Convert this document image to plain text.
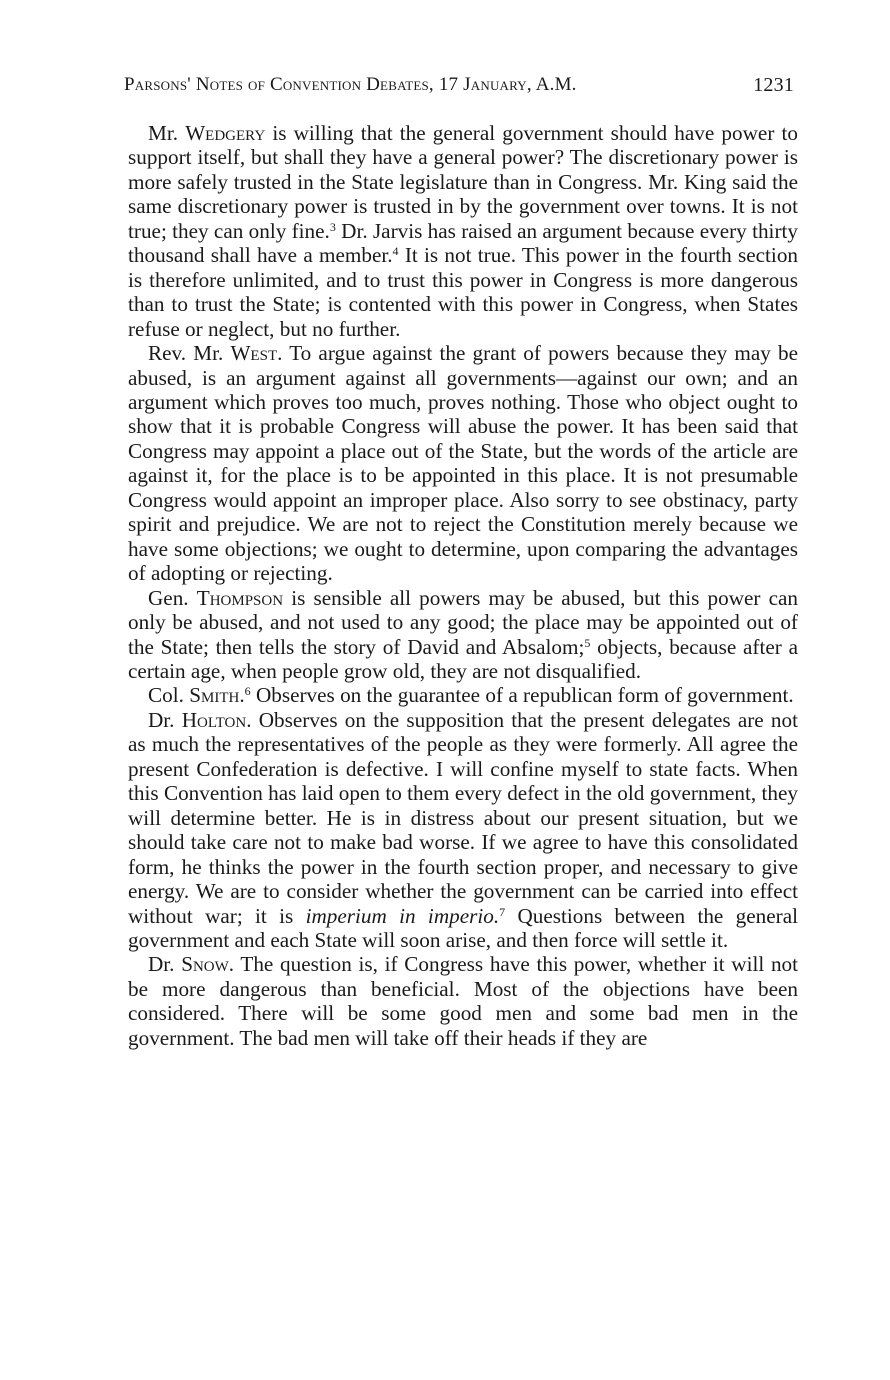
Parsons' Notes of Convention Debates, 17 January, A.M.	1231

Mr. Wedgery is willing that the general government should have power to support itself, but shall they have a general power? The discretionary power is more safely trusted in the State legislature than in Congress. Mr. King said the same discretionary power is trusted in by the government over towns. It is not true; they can only fine.$^3$ Dr. Jarvis has raised an argument because every thirty thousand shall have a member.$^4$ It is not true. This power in the fourth section is therefore unlimited, and to trust this power in Congress is more dangerous than to trust the State; is contented with this power in Congress, when States refuse or neglect, but no further.

Rev. Mr. West. To argue against the grant of powers because they may be abused, is an argument against all governments—against our own; and an argument which proves too much, proves nothing. Those who object ought to show that it is probable Congress will abuse the power. It has been said that Congress may appoint a place out of the State, but the words of the article are against it, for the place is to be appointed in this place. It is not presumable Congress would appoint an improper place. Also sorry to see obstinacy, party spirit and prejudice. We are not to reject the Constitution merely because we have some objections; we ought to determine, upon comparing the advantages of adopting or rejecting.

Gen. Thompson is sensible all powers may be abused, but this power can only be abused, and not used to any good; the place may be appointed out of the State; then tells the story of David and Absalom;$^5$ objects, because after a certain age, when people grow old, they are not disqualified.

Col. Smith.$^6$ Observes on the guarantee of a republican form of government.

Dr. Holton. Observes on the supposition that the present delegates are not as much the representatives of the people as they were formerly. All agree the present Confederation is defective. I will confine myself to state facts. When this Convention has laid open to them every defect in the old government, they will determine better. He is in distress about our present situation, but we should take care not to make bad worse. If we agree to have this consolidated form, he thinks the power in the fourth section proper, and necessary to give energy. We are to consider whether the government can be carried into effect without war; it is imperium in imperio.$^7$ Questions between the general government and each State will soon arise, and then force will settle it.

Dr. Snow. The question is, if Congress have this power, whether it will not be more dangerous than beneficial. Most of the objections have been considered. There will be some good men and some bad men in the government. The bad men will take off their heads if they are
